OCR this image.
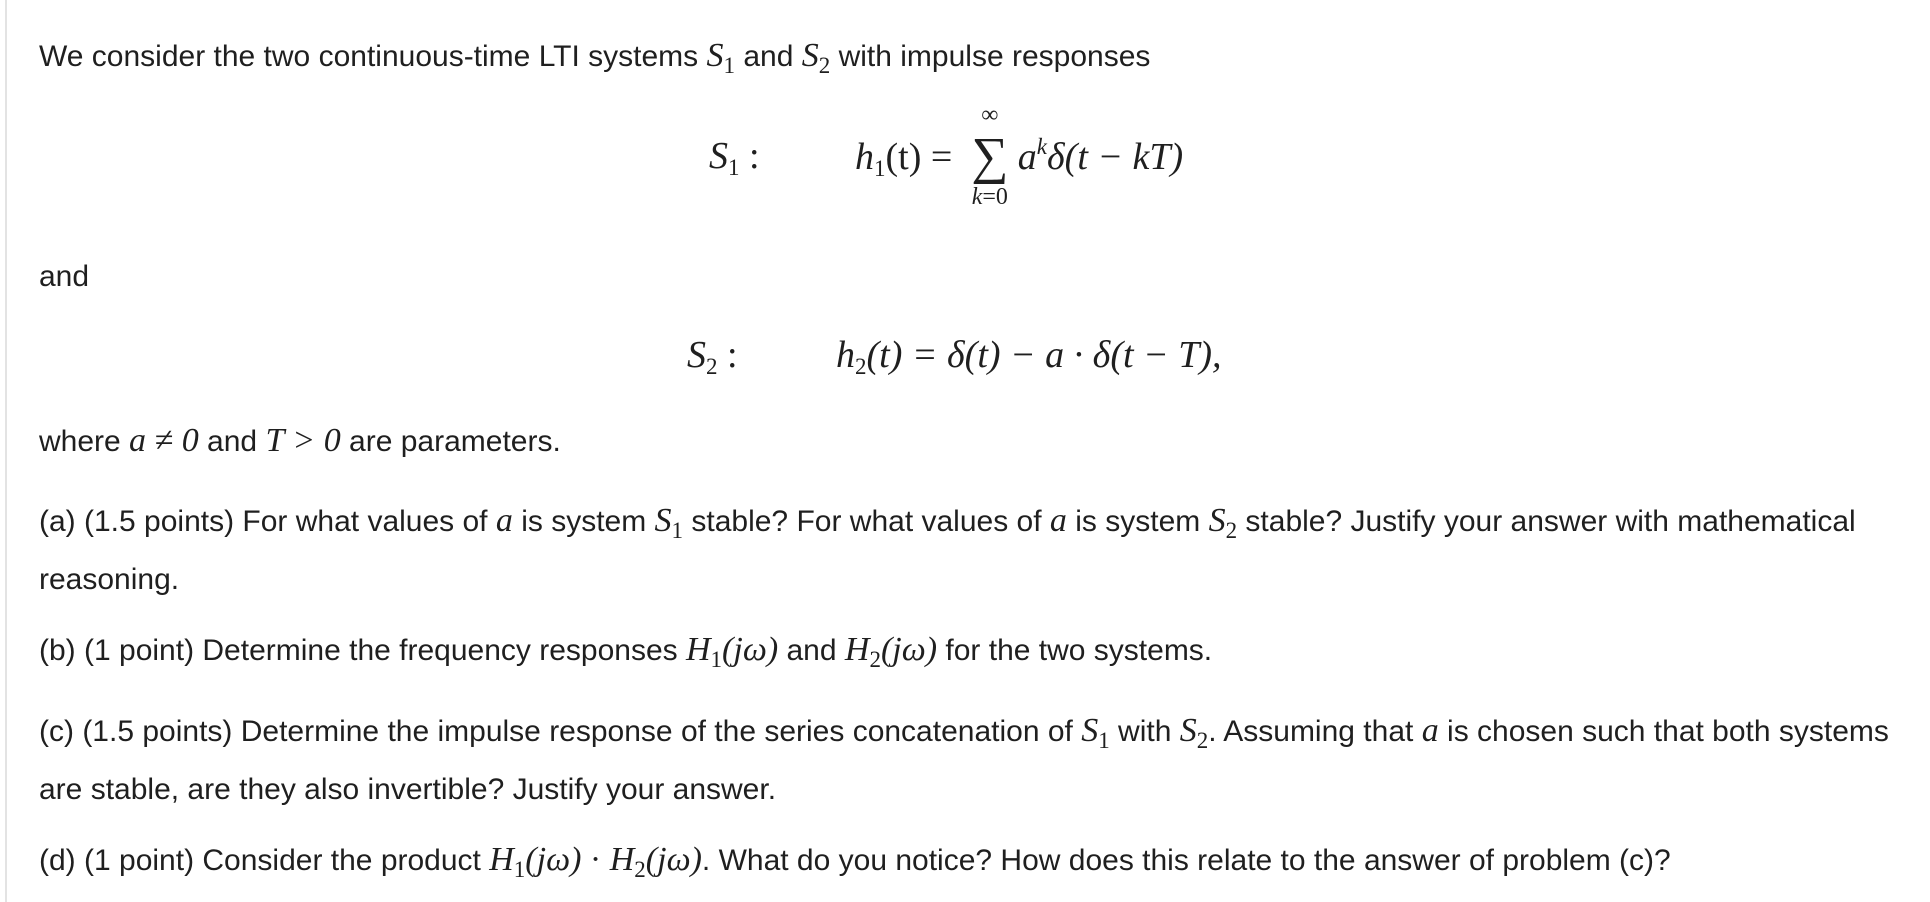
We consider the two continuous-time LTI systems $S_1$ and $S_2$ with impulse responses
$S_1$ :	$h_1(t)$ =
∞
∑
k=0
$a^k\delta(t - kT)$
and
$S_2$ :	$h_2(t) = \delta(t) - a \cdot \delta(t - T)$,
where a ≠ 0 and T > 0 are parameters.
(a) (1.5 points) For what values of a is system $S_1$ stable? For what values of a is system $S_2$ stable? Justify your answer with mathematical reasoning.
(b) (1 point) Determine the frequency responses $H_1(j\omega)$ and $H_2(j\omega)$ for the two systems.
(c) (1.5 points) Determine the impulse response of the series concatenation of $S_1$ with $S_2$. Assuming that a is chosen such that both systems are stable, are they also invertible? Justify your answer.
(d) (1 point) Consider the product $H_1(j\omega) \cdot H_2(j\omega)$. What do you notice? How does this relate to the answer of problem (c)?
